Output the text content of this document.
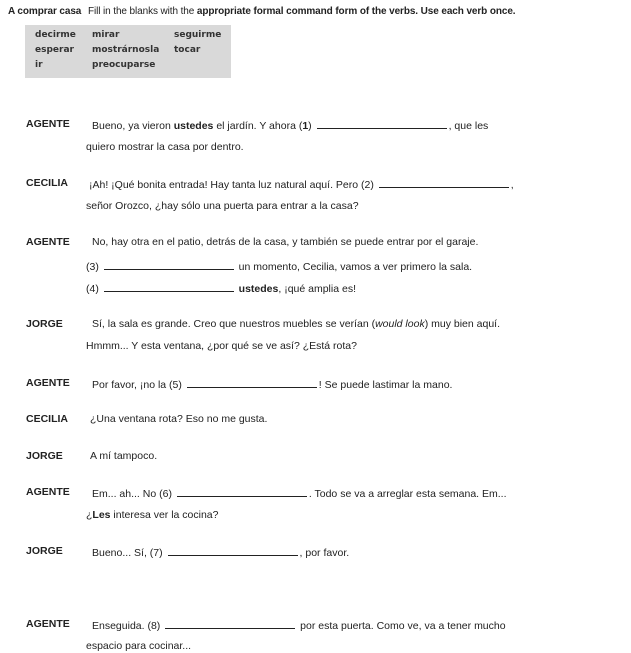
A comprar casa Fill in the blanks with the appropriate formal command form of the verbs. Use each verb once.
decirme mirar	seguirme
esperar mostrárnosla tocar
ir	preocuparse
AGENTE Bueno, ya vieron ustedes el jardín. Y ahora (1)	, que les
quiero mostrar la casa por dentro.
CECILIA ¡Ah! ¡Qué bonita entrada! Hay tanta luz natural aquí. Pero (2)	,
señor Orozco, ¿hay sólo una puerta para entrar a la casa?
AGENTE No, hay otra en el patio, detrás de la casa, y también se puede entrar por el garaje.
(3)	un momento, Cecilia, vamos a ver primero la sala.
(4)	ustedes, ¡qué amplia es!
JORGE	Sí, la sala es grande. Creo que nuestros muebles se verían (would look) muy bien aquí.
Hmmm... Y esta ventana, ¿por qué se ve así? ¿Está rota?
AGENTE Por favor, ¡no la (5)	! Se puede lastimar la mano.
CECILIA ¿Una ventana rota? Eso no me gusta.
JORGE	A mí tampoco.
AGENTE Em... ah... No (6)	. Todo se va a arreglar esta semana. Em...
¿Les interesa ver la cocina?
JORGE	Bueno... Sí, (7)	, por favor.
AGENTE Enseguida. (8)	por esta puerta. Como ve, va a tener mucho
espacio para cocinar...
